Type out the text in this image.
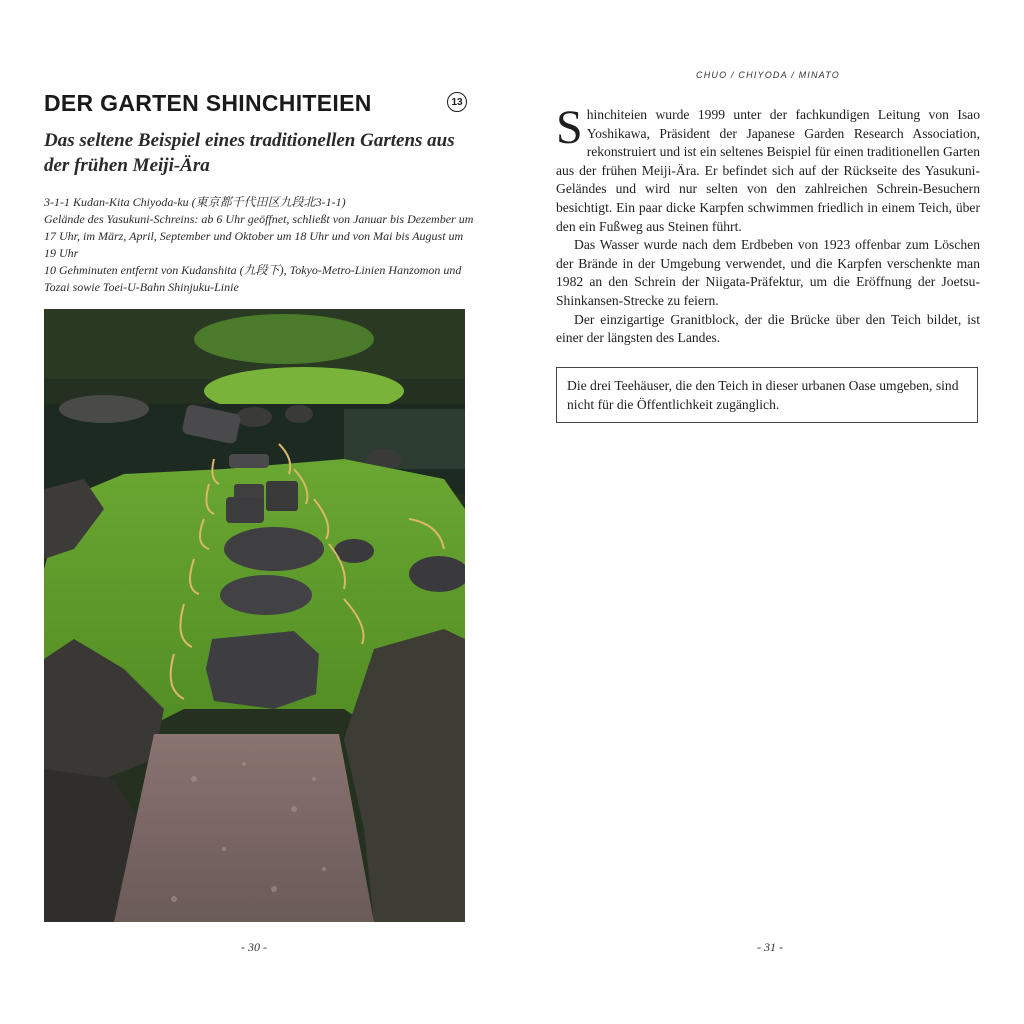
DER GARTEN SHINCHITEIEN	13
Das seltene Beispiel eines traditionellen Gartens aus der frühen Meiji-Ära
3-1-1 Kudan-Kita Chiyoda-ku (東京都千代田区九段北3-1-1)
Gelände des Yasukuni-Schreins: ab 6 Uhr geöffnet, schließt von Januar bis Dezember um 17 Uhr, im März, April, September und Oktober um 18 Uhr und von Mai bis August um 19 Uhr
10 Gehminuten entfernt von Kudanshita (九段下), Tokyo-Metro-Linien Hanzomon und Tozai sowie Toei-U-Bahn Shinjuku-Linie
- 30 -
CHUO / CHIYODA / MINATO

Shinchiteien wurde 1999 unter der fachkundigen Leitung von Isao Yoshikawa, Präsident der Japanese Garden Research Association, rekonstruiert und ist ein seltenes Beispiel für einen traditionellen Garten aus der frühen Meiji-Ära. Er befindet sich auf der Rückseite des Yasukuni-Geländes und wird nur selten von den zahlreichen Schrein-Besuchern besichtigt. Ein paar dicke Karpfen schwimmen friedlich in einem Teich, über den ein Fußweg aus Steinen führt.

Das Wasser wurde nach dem Erdbeben von 1923 offenbar zum Löschen der Brände in der Umgebung verwendet, und die Karpfen verschenkte man 1982 an den Schrein der Niigata-Präfektur, um die Eröffnung der Joetsu-Shinkansen-Strecke zu feiern.

Der einzigartige Granitblock, der die Brücke über den Teich bildet, ist einer der längsten des Landes.

Die drei Teehäuser, die den Teich in dieser urbanen Oase umgeben, sind nicht für die Öffentlichkeit zugänglich.
- 31 -
